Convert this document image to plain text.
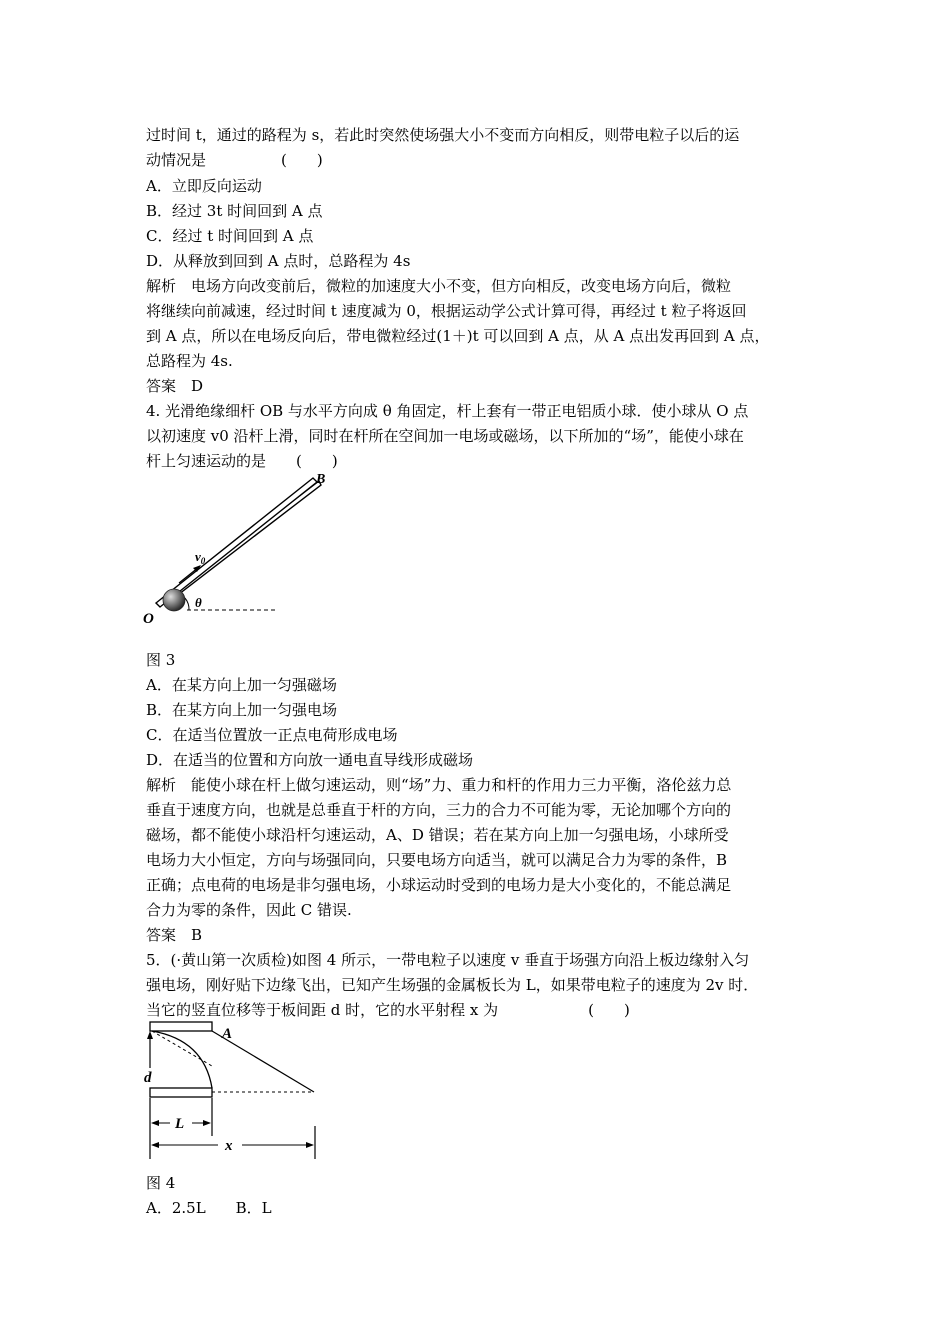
过时间 t，通过的路程为 s，若此时突然使场强大小不变而方向相反，则带电粒子以后的运
动情况是　　　　　(　　)
A．立即反向运动
B．经过 3t 时间回到 A 点
C．经过 t 时间回到 A 点
D．从释放到回到 A 点时，总路程为 4s
解析　电场方向改变前后，微粒的加速度大小不变，但方向相反，改变电场方向后，微粒
将继续向前减速，经过时间 t 速度减为 0，根据运动学公式计算可得，再经过 t 粒子将返回
到 A 点，所以在电场反向后，带电微粒经过(1＋)t 可以回到 A 点，从 A 点出发再回到 A 点，
总路程为 4s.
答案　D
4. 光滑绝缘细杆 OB 与水平方向成 θ 角固定，杆上套有一带正电铝质小球．使小球从 O 点
以初速度 v0 沿杆上滑，同时在杆所在空间加一电场或磁场，以下所加的“场”，能使小球在
杆上匀速运动的是　　(　　)
B
O
$v_0$
θ
图 3
A．在某方向上加一匀强磁场
B．在某方向上加一匀强电场
C．在适当位置放一正点电荷形成电场
D．在适当的位置和方向放一通电直导线形成磁场
解析　能使小球在杆上做匀速运动，则“场”力、重力和杆的作用力三力平衡，洛伦兹力总
垂直于速度方向，也就是总垂直于杆的方向，三力的合力不可能为零，无论加哪个方向的
磁场，都不能使小球沿杆匀速运动，A、D 错误；若在某方向上加一匀强电场，小球所受
电场力大小恒定，方向与场强同向，只要电场方向适当，就可以满足合力为零的条件，B
正确；点电荷的电场是非匀强电场，小球运动时受到的电场力是大小变化的，不能总满足
合力为零的条件，因此 C 错误.
答案　B
5．(·黄山第一次质检)如图 4 所示，一带电粒子以速度 v 垂直于场强方向沿上板边缘射入匀
强电场，刚好贴下边缘飞出，已知产生场强的金属板长为 L，如果带电粒子的速度为 2v 时．
当它的竖直位移等于板间距 d 时，它的水平射程 x 为　　　　　　(　　)
A
d
L
x
图 4
A．2.5L　　B．L
